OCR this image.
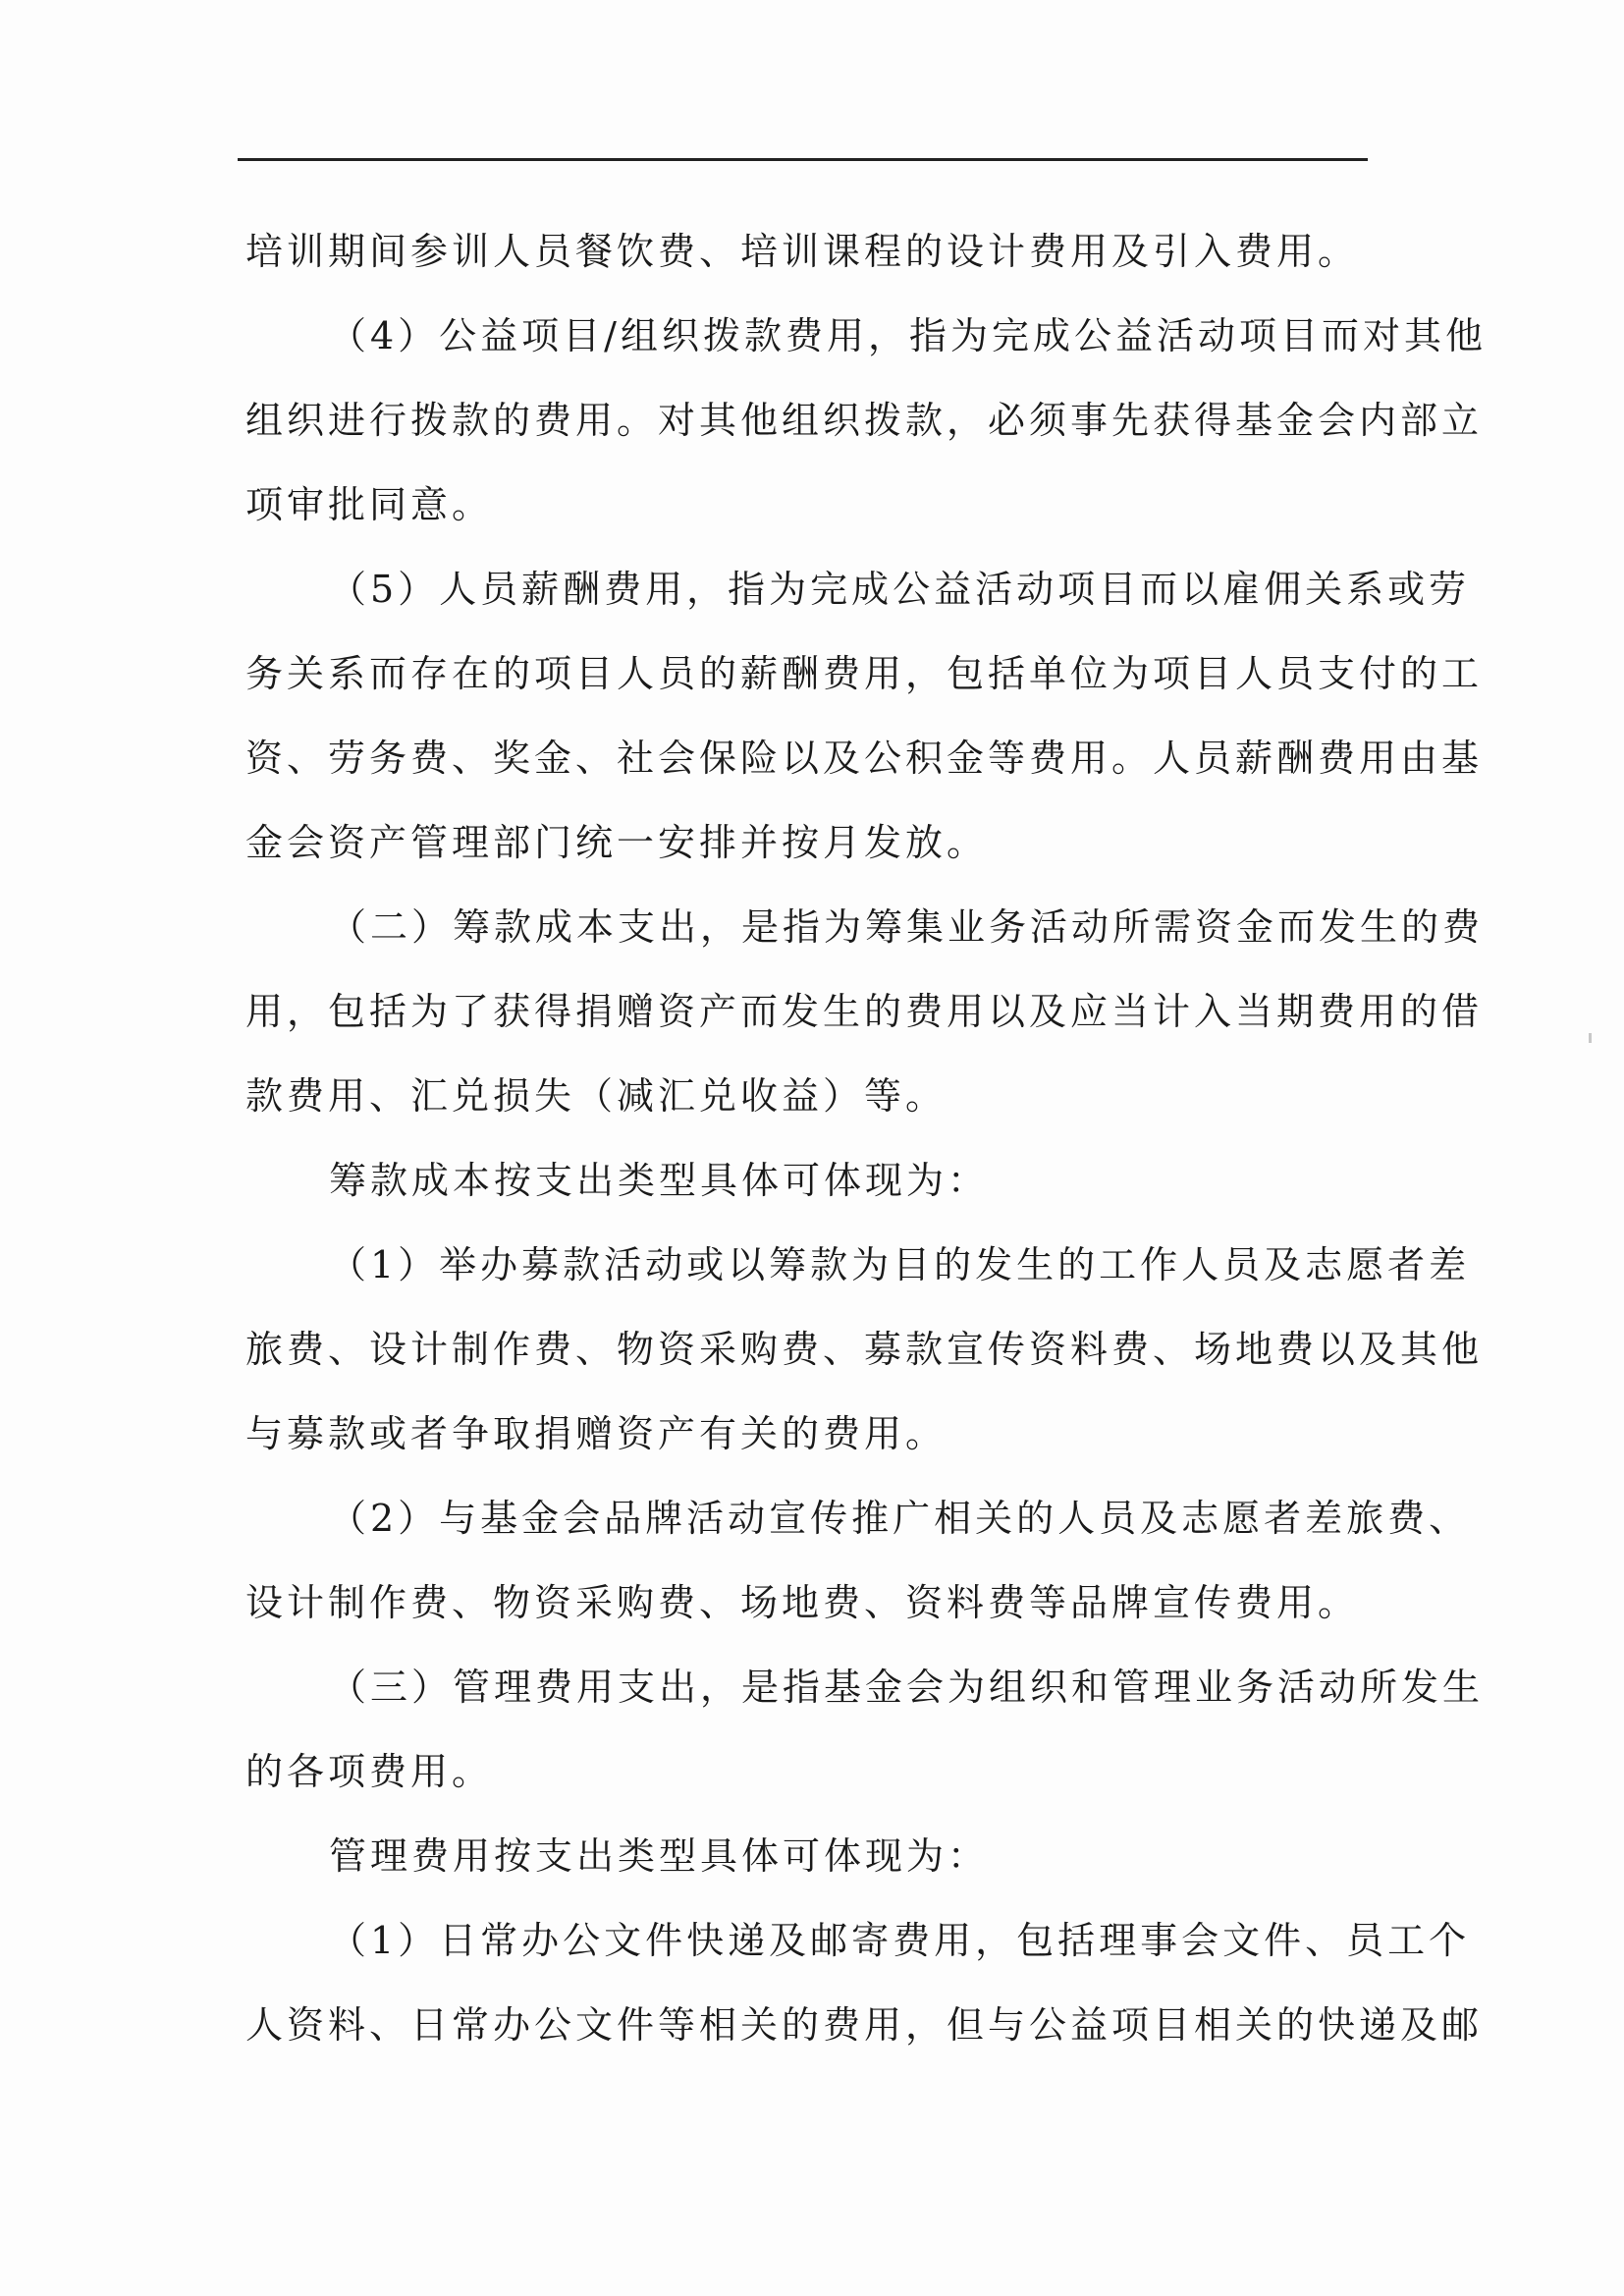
培训期间参训人员餐饮费、培训课程的设计费用及引入费用。
（4）公益项目/组织拨款费用，指为完成公益活动项目而对其他
组织进行拨款的费用。对其他组织拨款，必须事先获得基金会内部立
项审批同意。
（5）人员薪酬费用，指为完成公益活动项目而以雇佣关系或劳
务关系而存在的项目人员的薪酬费用，包括单位为项目人员支付的工
资、劳务费、奖金、社会保险以及公积金等费用。人员薪酬费用由基
金会资产管理部门统一安排并按月发放。
（二）筹款成本支出，是指为筹集业务活动所需资金而发生的费
用，包括为了获得捐赠资产而发生的费用以及应当计入当期费用的借
款费用、汇兑损失（减汇兑收益）等。
筹款成本按支出类型具体可体现为：
（1）举办募款活动或以筹款为目的发生的工作人员及志愿者差
旅费、设计制作费、物资采购费、募款宣传资料费、场地费以及其他
与募款或者争取捐赠资产有关的费用。
（2）与基金会品牌活动宣传推广相关的人员及志愿者差旅费、
设计制作费、物资采购费、场地费、资料费等品牌宣传费用。
（三）管理费用支出，是指基金会为组织和管理业务活动所发生
的各项费用。
管理费用按支出类型具体可体现为：
（1）日常办公文件快递及邮寄费用，包括理事会文件、员工个
人资料、日常办公文件等相关的费用，但与公益项目相关的快递及邮
